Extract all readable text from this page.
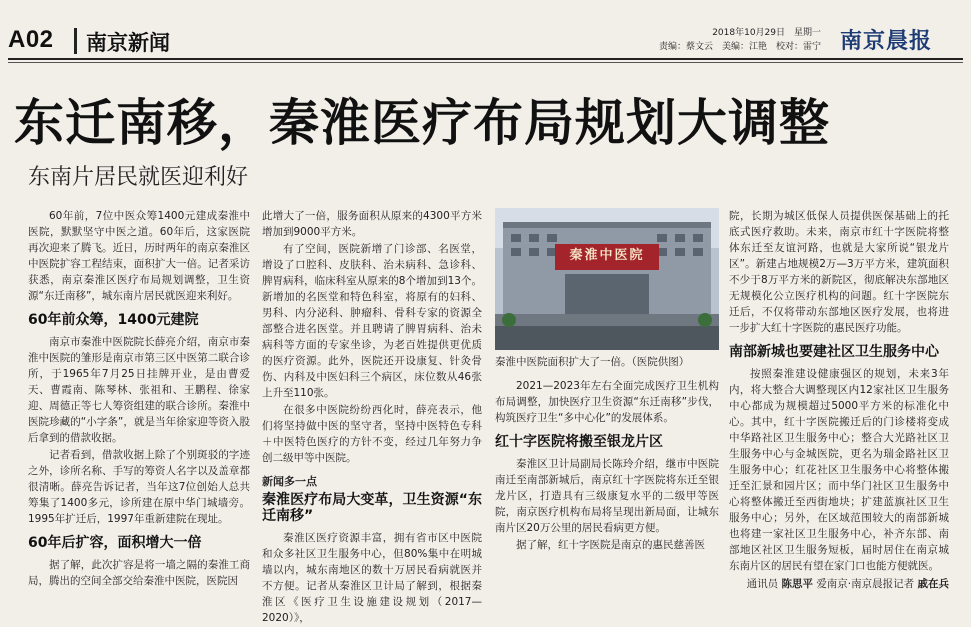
A02 南京新闻	2018年10月29日　星期一
责编：蔡文云　美编：江艳　校对：雷宁 南京晨报
东迁南移，秦淮医疗布局规划大调整
东南片居民就医迎利好

60年前，7位中医众筹1400元建成秦淮中医院，默默坚守中医之道。60年后，这家医院再次迎来了腾飞。近日，历时两年的南京秦淮区中医院扩容工程结束，面积扩大一倍。记者采访获悉，南京秦淮区医疗布局规划调整，卫生资源“东迁南移”，城东南片居民就医迎来利好。

60年前众筹，1400元建院

南京市秦淮中医院院长薛亮介绍，南京市秦淮中医院的雏形是南京市第三区中医第二联合诊所，于1965年7月25日挂牌开业，是由曹爱天、曹霞南、陈琴林、张祖和、王鹏程、徐家迎、周德正等七人筹资组建的联合诊所。秦淮中医院珍藏的“小字条”，就是当年徐家迎等资入股后拿到的借款收据。

记者看到，借款收据上除了个别斑驳的字迹之外，诊所名称、手写的筹资人名字以及盖章都很清晰。薛亮告诉记者，当年这7位创始人总共筹集了1400多元，诊所建在原中华门城墙旁。1995年扩迁后，1997年重新建院在现址。

60年后扩容，面积增大一倍

据了解，此次扩容是将一墙之隔的秦淮工商局，腾出的空间全部交给秦淮中医院，医院因

此增大了一倍，服务面积从原来的4300平方米增加到9000平方米。

有了空间，医院新增了门诊部、名医堂，增设了口腔科、皮肤科、治未病科、急诊科、脾胃病科，临床科室从原来的8个增加到13个。新增加的名医堂和特色科室，将原有的妇科、男科、内分泌科、肿瘤科、骨科专家的资源全部整合进名医堂。并且聘请了脾胃病科、治未病科等方面的专家坐诊，为老百姓提供更优质的医疗资源。此外，医院还开设康复、针灸骨伤、内科及中医妇科三个病区，床位数从46张上升至110张。

在很多中医院纷纷西化时，薛亮表示，他们将坚持做中医的坚守者，坚持中医特色专科＋中医特色医疗的方针不变，经过几年努力争创二级甲等中医院。

新闻多一点
秦淮医疗布局大变革，卫生资源“东迁南移”

秦淮区医疗资源丰富，拥有省市区中医院和众多社区卫生服务中心，但80%集中在明城墙以内，城东南地区的数十万居民看病就医并不方便。记者从秦淮区卫计局了解到，根据秦淮区《医疗卫生设施建设规划（2017—2020）》，

秦淮中医院
秦淮中医院面积扩大了一倍。（医院供图）

2021—2023年左右全面完成医疗卫生机构布局调整，加快医疗卫生资源“东迁南移”步伐，构筑医疗卫生“多中心化”的发展体系。

红十字医院将搬至银龙片区

秦淮区卫计局副局长陈玲介绍，继市中医院南迁至南部新城后，南京红十字医院将东迁至银龙片区，打造具有三级康复水平的二级甲等医院，南京医疗机构布局将呈现出新局面，让城东南片区20万公里的居民看病更方便。

据了解，红十字医院是南京的惠民慈善医

院，长期为城区低保人员提供医保基础上的托底式医疗救助。未来，南京市红十字医院将整体东迁至友谊河路，也就是大家所说“银龙片区”。新建占地规模2万—3万平方米，建筑面积不少于8万平方米的新院区，彻底解决东部地区无规模化公立医疗机构的问题。红十字医院东迁后，不仅将带动东部地区医疗发展，也将进一步扩大红十字医院的惠民医疗功能。

南部新城也要建社区卫生服务中心

按照秦淮建设健康强区的规划，未来3年内，将大整合大调整现区内12家社区卫生服务中心都成为规模超过5000平方米的标准化中心。其中，红十字医院搬迁后的门诊楼将变成中华路社区卫生服务中心；整合大光路社区卫生服务中心与金城医院，更名为瑞金路社区卫生服务中心；红花社区卫生服务中心将整体搬迁至汇景和园片区；而中华门社区卫生服务中心将整体搬迁至西街地块；扩建蓝旗社区卫生服务中心；另外，在区域范围较大的南部新城也将建一家社区卫生服务中心，补齐东部、南部地区社区卫生服务短板，届时居住在南京城东南片区的居民有望在家门口也能方便就医。

通讯员 陈思平 爱南京·南京晨报记者 戚在兵
